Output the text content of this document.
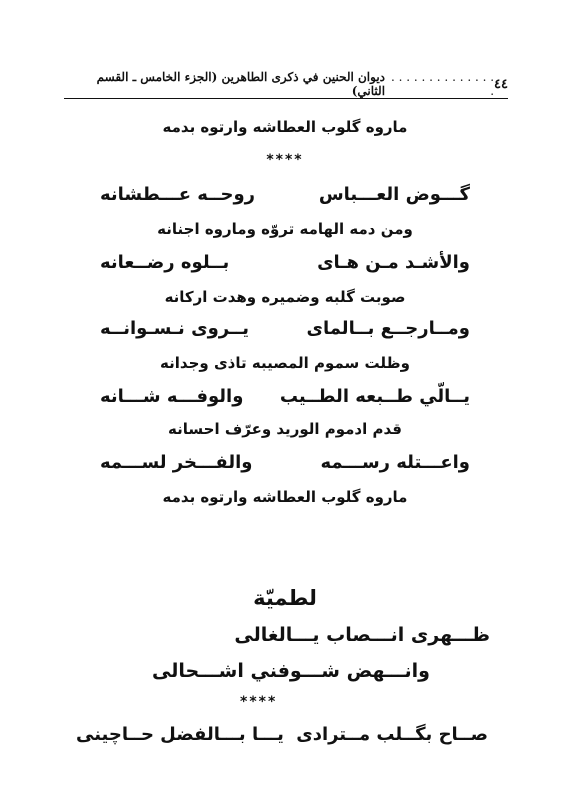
٤٤
. . . . . . . . . . . . . . .
ديوان الحنين في ذكرى الطاهرين (الجزء الخامس ـ القسم الثاني)
ماروه گلوب العطاشه وارتوه بدمه
****
گـــوض العـــباس
روحــه عـــطشانه
ومن دمه الهامه تروّه وماروه اجنانه
والأشـد مـن هـاى
بــلوه رضــعانه
صوبت گلبه وضميره وهدت اركانه
ومــارجــع بــالماى
يــروى نـسـوانــه
وظلت سموم المصيبه تاذى وجدانه
يــالّي طــبعه الطــيب
والوفـــه شـــانه
قدم ادموم الوريد وعرّف احسانه
واعـــتله رســـمه
والفـــخر لســـمه
ماروه گلوب العطاشه وارتوه بدمه
لطميّة
ظـــهرى انـــصاب يـــالغالى
وانـــهض شـــوفني اشـــحالى
****
صــاح بگــلب مــترادى
يـــا بـــالفضل حــاچينى
